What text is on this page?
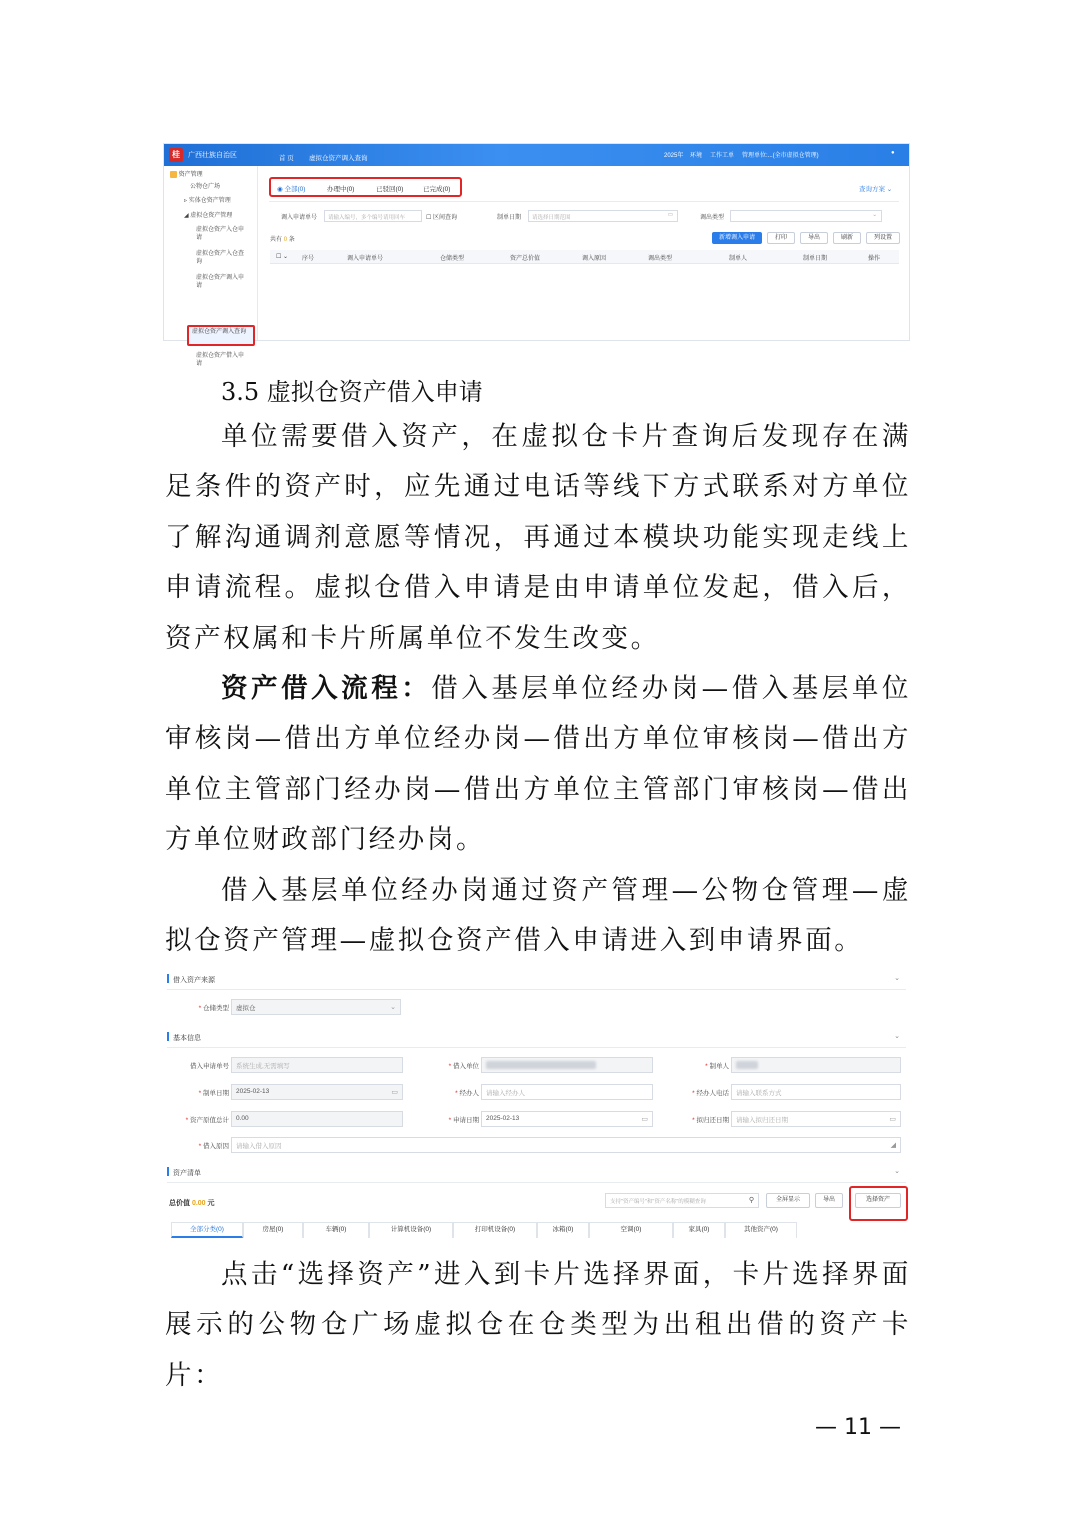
桂	广西壮族自治区	首 页 虚拟仓资产调入查询	2025年 环境 工作工单 管理单位:...(全市虚拟仓管理)	●
资产管理
公物仓广场
▹ 实体仓资产管理
◢ 虚拟仓资产管理
虚拟仓资产入仓申请
虚拟仓资产入仓查询
虚拟仓资产调入申请
虚拟仓资产调入查询
虚拟仓资产借入申请
◉ 全部(0)	办理中(0)	已驳回(0)	已完成(0)	查询方案 ⌄
调入申请单号	请输入编号，多个编号请用回车	☐ 区间查询	制单日期	请选择日期范围	▭	调出类型	⌄
共有 0 条	新增调入申请	打印	导出	刷新	列设置
☐ ⌄ 序号	调入申请单号	仓储类型	资产总价值	调入原因	调出类型	制单人	制单日期	操作
3.5 虚拟仓资产借入申请
单位需要借入资产，在虚拟仓卡片查询后发现存在满足条件的资产时，应先通过电话等线下方式联系对方单位了解沟通调剂意愿等情况，再通过本模块功能实现走线上申请流程。虚拟仓借入申请是由申请单位发起，借入后，资产权属和卡片所属单位不发生改变。
资产借入流程：借入基层单位经办岗—借入基层单位审核岗—借出方单位经办岗—借出方单位审核岗—借出方单位主管部门经办岗—借出方单位主管部门审核岗—借出方单位财政部门经办岗。
借入基层单位经办岗通过资产管理—公物仓管理—虚拟仓资产管理—虚拟仓资产借入申请进入到申请界面。
借入资产来源	⌄
* 仓储类型	虚拟仓	⌄
基本信息	⌄
借入申请单号	系统生成,无需填写	* 借入单位	* 制单人
* 制单日期	2025-02-13	▭	* 经办人	请输入经办人	* 经办人电话	请输入联系方式
* 资产原值总计	0.00	* 申请日期	2025-02-13	▭	* 拟归还日期	请输入拟归还日期	▭
* 借入原因	请输入借入原因	◢
资产清单	⌄
总价值 0.00 元	支持"资产编号"和"资产名称"的模糊查询	⚲	全屏显示	导出	选择资产
全部分类(0)	房屋(0)	车辆(0)	计算机设备(0)	打印机设备(0)	冰箱(0)	空调(0)	家具(0)	其他资产(0)
点击“选择资产”进入到卡片选择界面，卡片选择界面展示的公物仓广场虚拟仓在仓类型为出租出借的资产卡片：
— 11 —
